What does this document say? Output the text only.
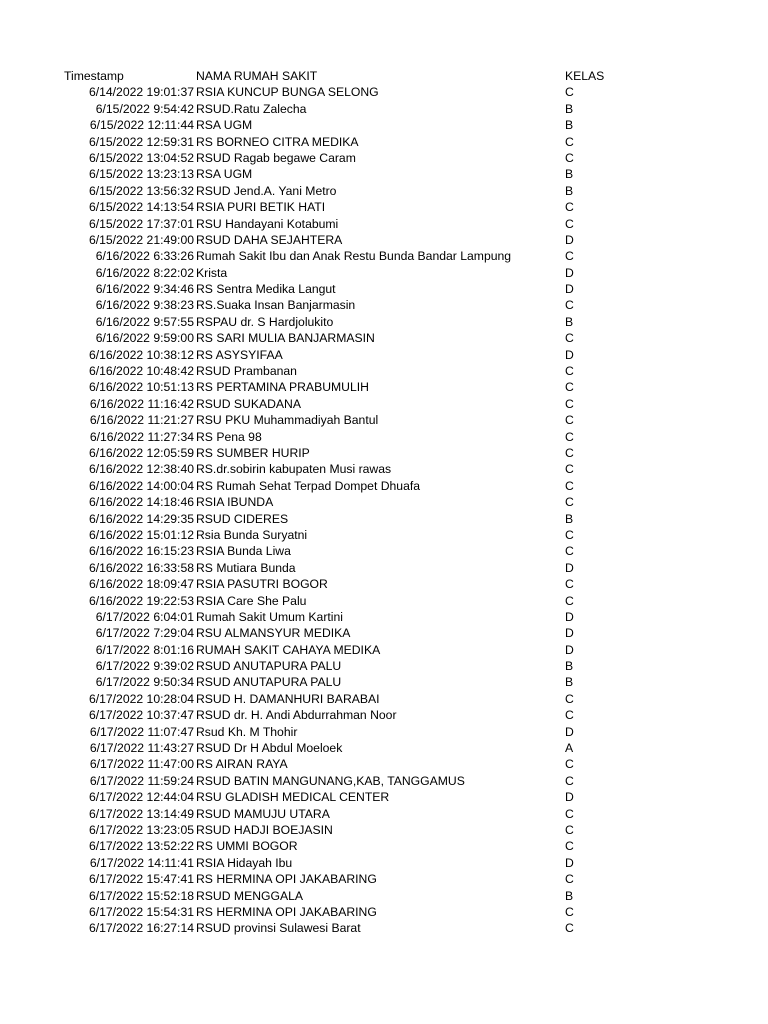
Timestamp	NAMA RUMAH SAKIT	KELAS
6/14/2022 19:01:37 RSIA KUNCUP BUNGA SELONG	C
6/15/2022 9:54:42 RSUD.Ratu Zalecha	B
6/15/2022 12:11:44 RSA UGM	B
6/15/2022 12:59:31 RS BORNEO CITRA MEDIKA	C
6/15/2022 13:04:52 RSUD Ragab begawe Caram	C
6/15/2022 13:23:13 RSA UGM	B
6/15/2022 13:56:32 RSUD Jend.A. Yani Metro	B
6/15/2022 14:13:54 RSIA PURI BETIK HATI	C
6/15/2022 17:37:01 RSU Handayani Kotabumi	C
6/15/2022 21:49:00 RSUD DAHA SEJAHTERA	D
6/16/2022 6:33:26 Rumah Sakit Ibu dan Anak Restu Bunda Bandar Lampung	C
6/16/2022 8:22:02 Krista	D
6/16/2022 9:34:46 RS Sentra Medika Langut	D
6/16/2022 9:38:23 RS.Suaka Insan Banjarmasin	C
6/16/2022 9:57:55 RSPAU dr. S Hardjolukito	B
6/16/2022 9:59:00 RS SARI MULIA BANJARMASIN	C
6/16/2022 10:38:12 RS ASYSYIFAA	D
6/16/2022 10:48:42 RSUD Prambanan	C
6/16/2022 10:51:13 RS PERTAMINA PRABUMULIH	C
6/16/2022 11:16:42 RSUD SUKADANA	C
6/16/2022 11:21:27 RSU PKU Muhammadiyah Bantul	C
6/16/2022 11:27:34 RS Pena 98	C
6/16/2022 12:05:59 RS SUMBER HURIP	C
6/16/2022 12:38:40 RS.dr.sobirin kabupaten Musi rawas	C
6/16/2022 14:00:04 RS Rumah Sehat Terpad Dompet Dhuafa	C
6/16/2022 14:18:46 RSIA IBUNDA	C
6/16/2022 14:29:35 RSUD CIDERES	B
6/16/2022 15:01:12 Rsia Bunda Suryatni	C
6/16/2022 16:15:23 RSIA Bunda Liwa	C
6/16/2022 16:33:58 RS Mutiara Bunda	D
6/16/2022 18:09:47 RSIA PASUTRI BOGOR	C
6/16/2022 19:22:53 RSIA Care She Palu	C
6/17/2022 6:04:01 Rumah Sakit Umum Kartini	D
6/17/2022 7:29:04 RSU ALMANSYUR MEDIKA	D
6/17/2022 8:01:16 RUMAH SAKIT CAHAYA MEDIKA	D
6/17/2022 9:39:02 RSUD ANUTAPURA PALU	B
6/17/2022 9:50:34 RSUD ANUTAPURA PALU	B
6/17/2022 10:28:04 RSUD H. DAMANHURI BARABAI	C
6/17/2022 10:37:47 RSUD dr. H. Andi Abdurrahman Noor	C
6/17/2022 11:07:47 Rsud Kh. M Thohir	D
6/17/2022 11:43:27 RSUD Dr H Abdul Moeloek	A
6/17/2022 11:47:00 RS AIRAN RAYA	C
6/17/2022 11:59:24 RSUD BATIN MANGUNANG,KAB, TANGGAMUS	C
6/17/2022 12:44:04 RSU GLADISH MEDICAL CENTER	D
6/17/2022 13:14:49 RSUD MAMUJU UTARA	C
6/17/2022 13:23:05 RSUD HADJI BOEJASIN	C
6/17/2022 13:52:22 RS UMMI BOGOR	C
6/17/2022 14:11:41 RSIA Hidayah Ibu	D
6/17/2022 15:47:41 RS HERMINA OPI JAKABARING	C
6/17/2022 15:52:18 RSUD MENGGALA	B
6/17/2022 15:54:31 RS HERMINA OPI JAKABARING	C
6/17/2022 16:27:14 RSUD provinsi Sulawesi Barat	C
